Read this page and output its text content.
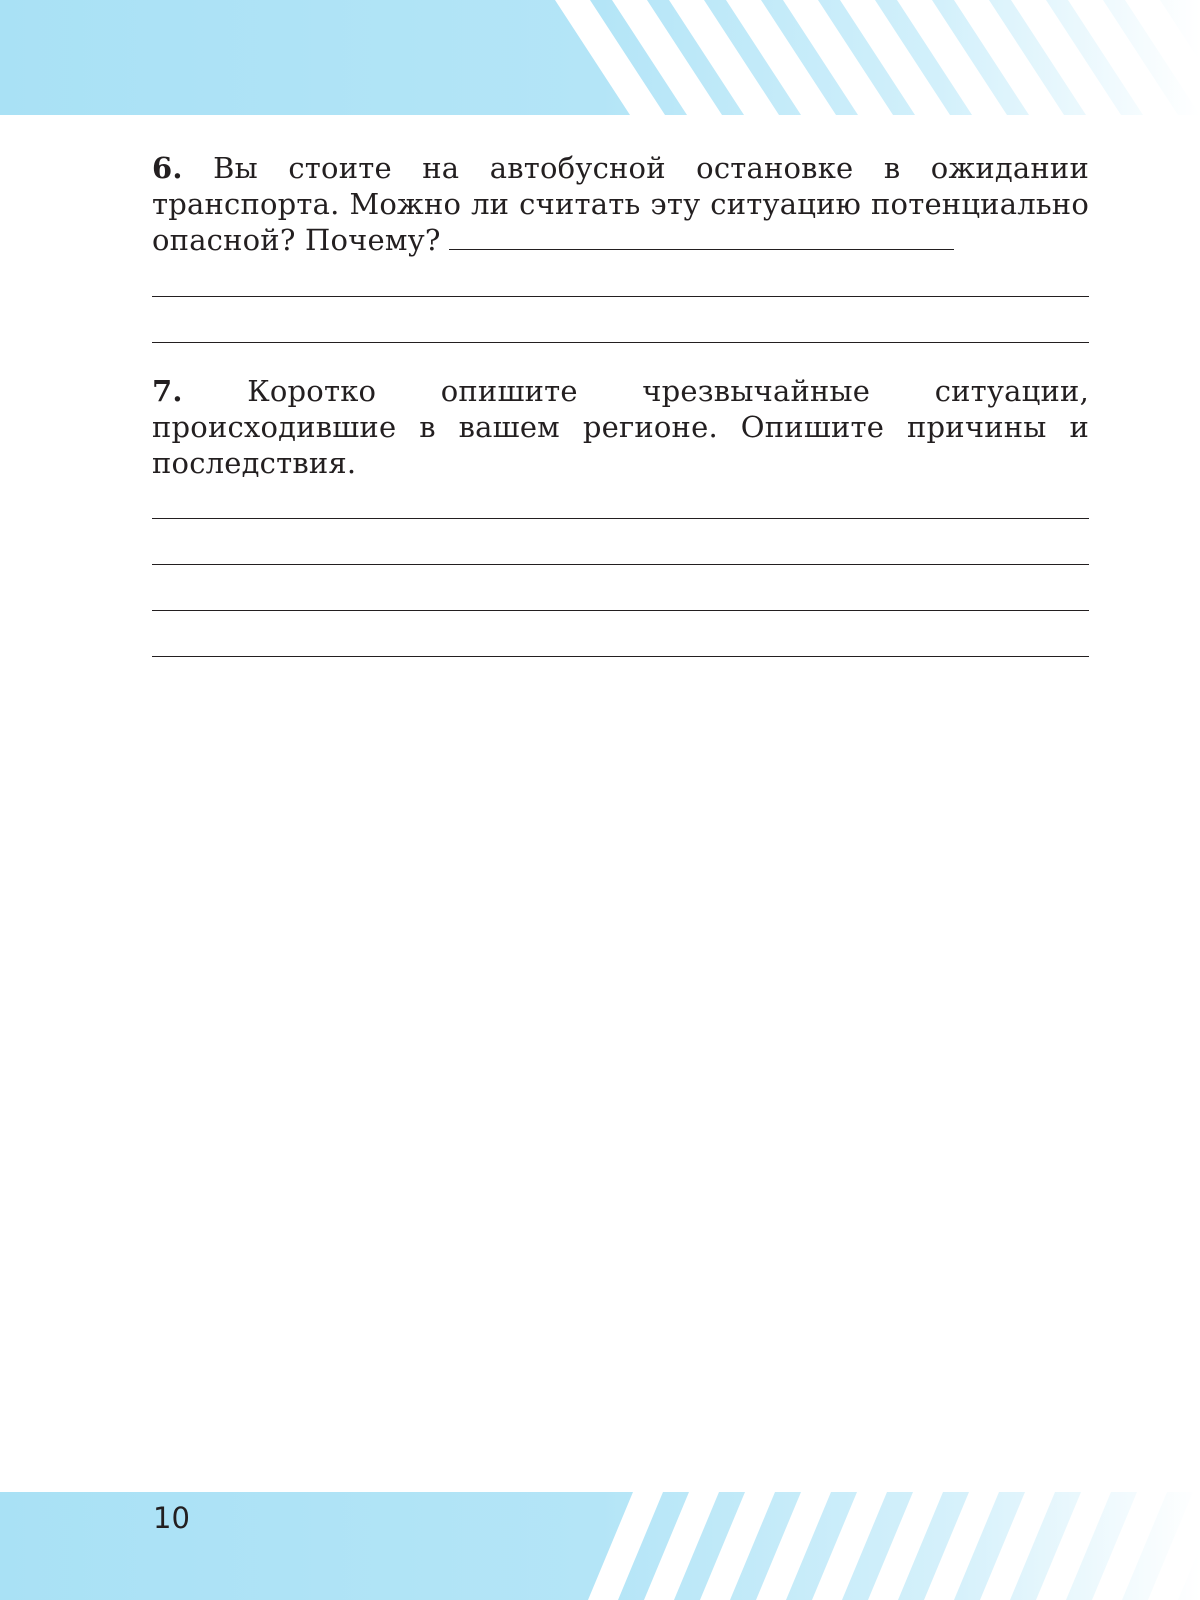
6. Вы стоите на автобусной остановке в ожидании транспорта. Можно ли считать эту ситуацию потенциально опасной? Почему?

7. Коротко опишите чрезвычайные ситуации, происходившие в вашем регионе. Опишите причины и последствия.

10
